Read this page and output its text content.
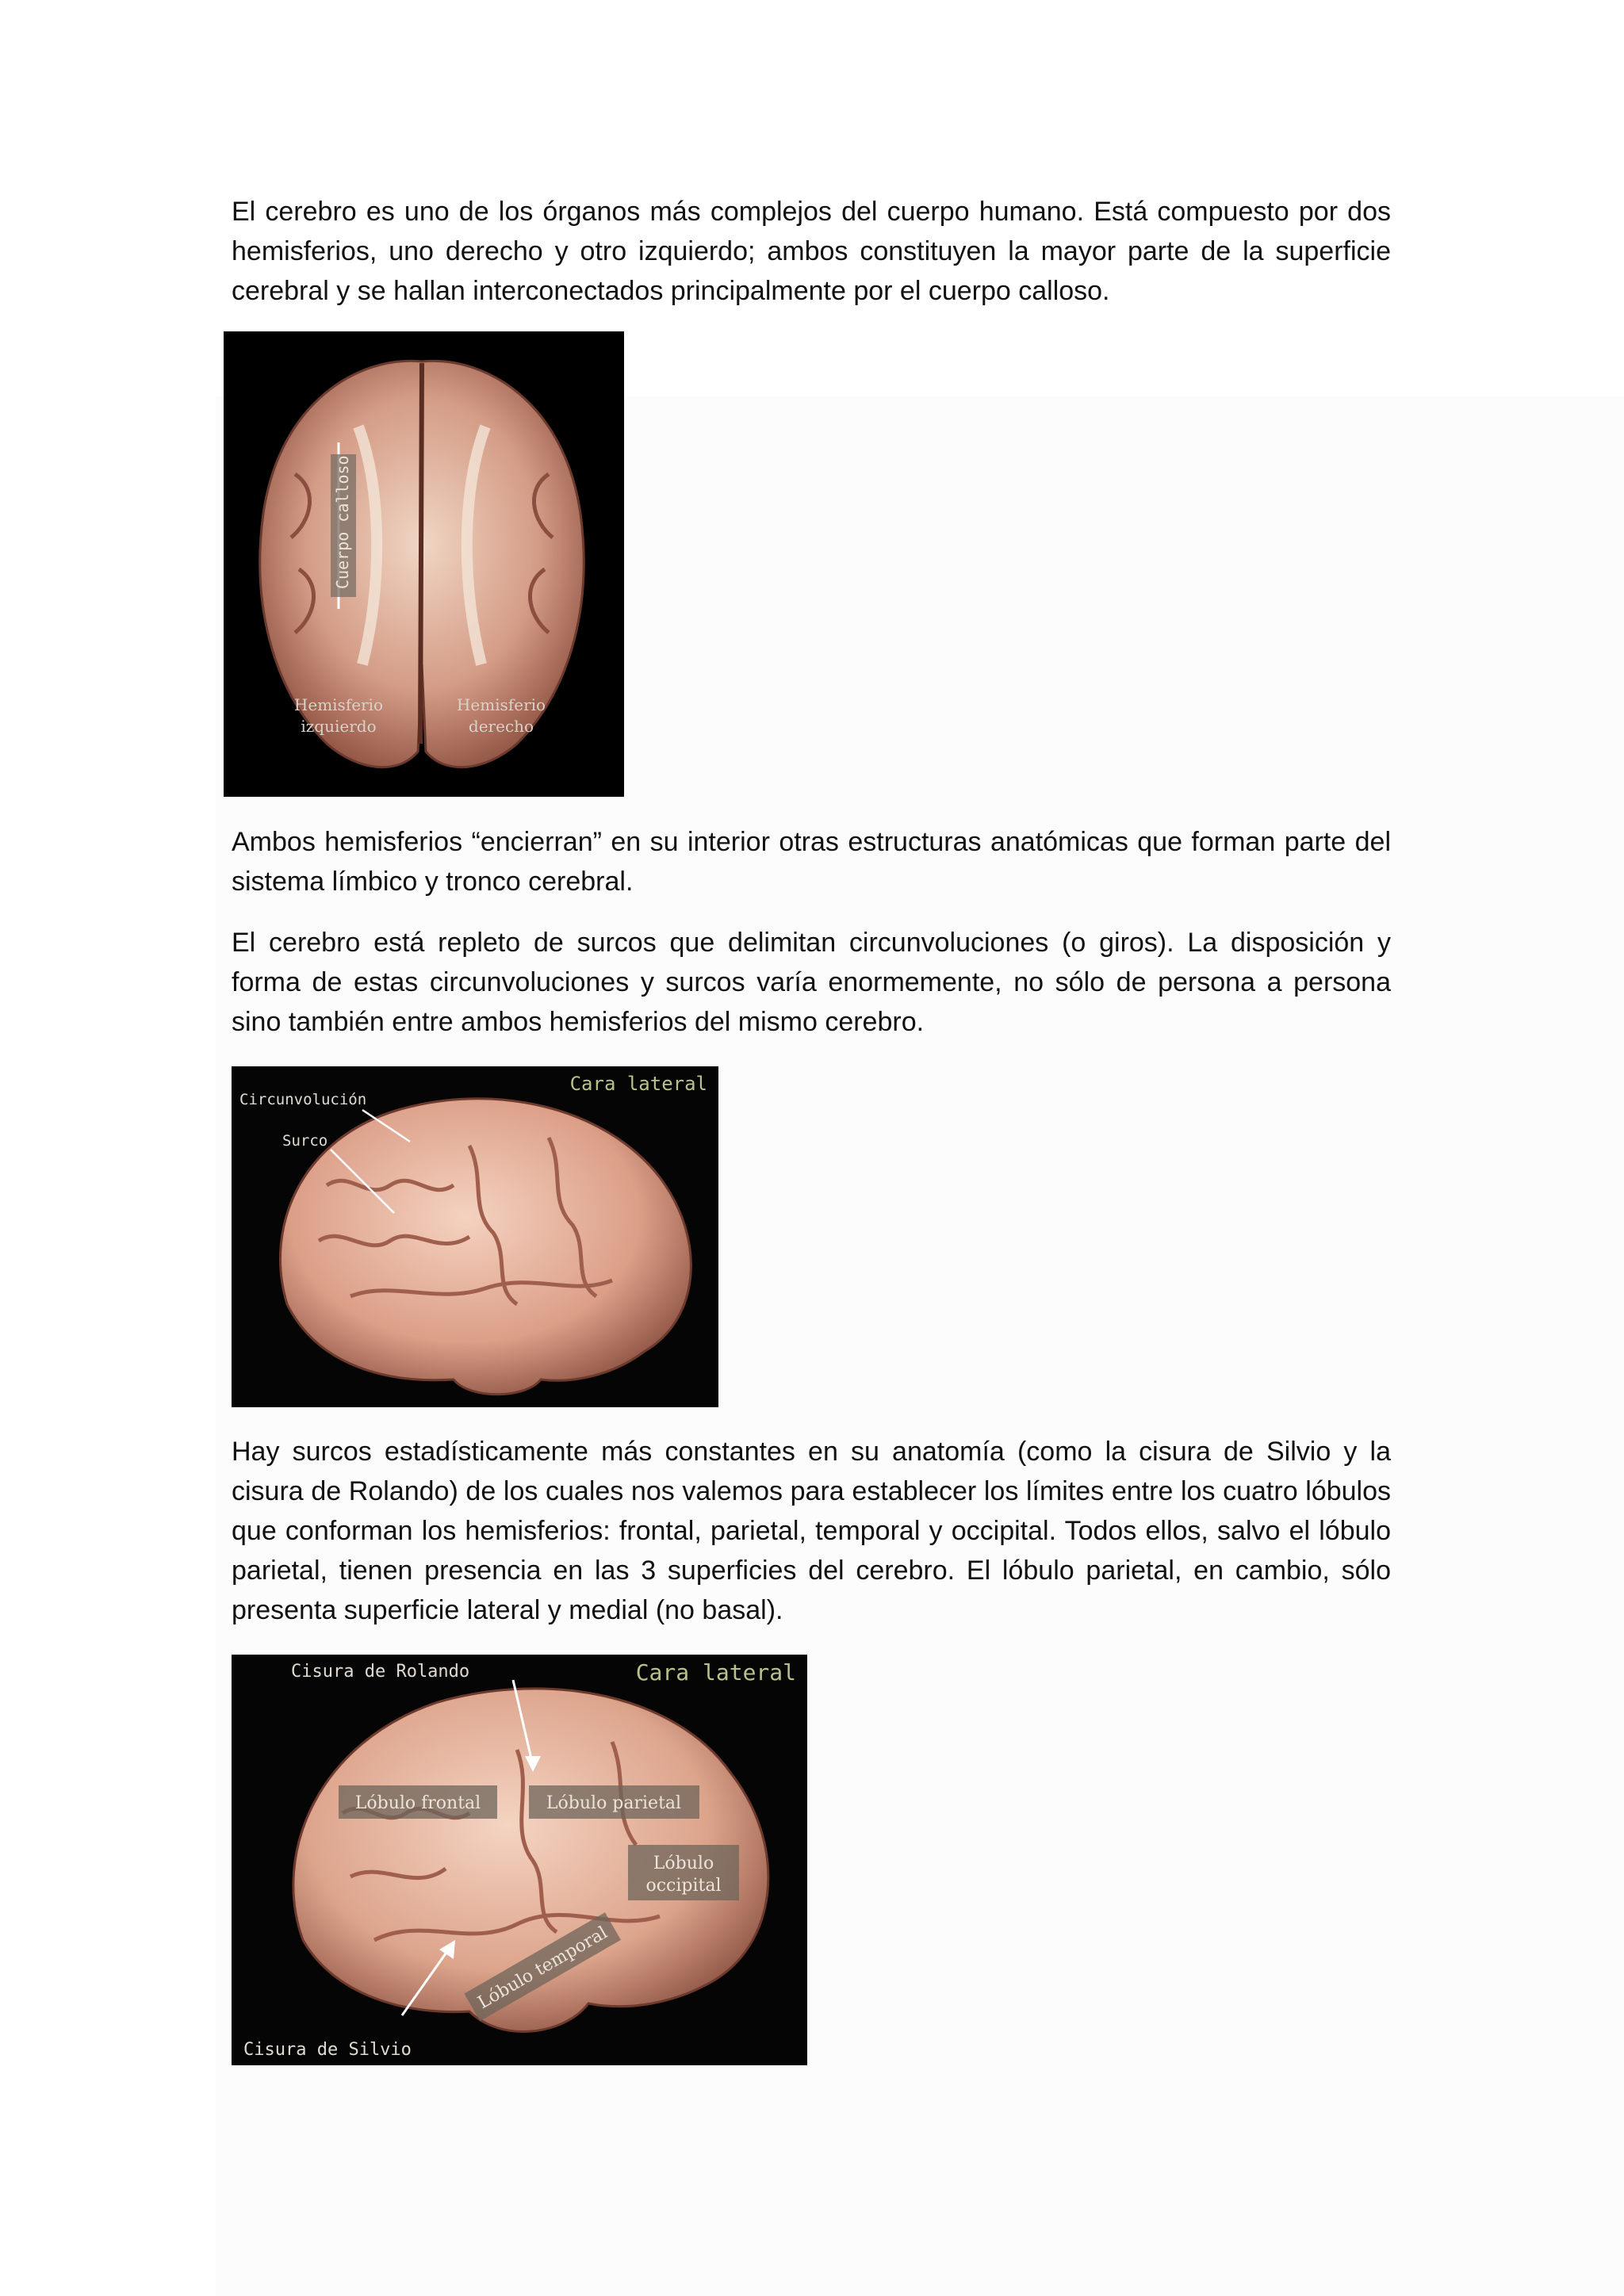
El cerebro es uno de los órganos más complejos del cuerpo humano. Está compuesto por dos hemisferios, uno derecho y otro izquierdo; ambos constituyen la mayor parte de la superficie cerebral y se hallan interconectados principalmente por el cuerpo calloso.

Cuerpo calloso
Hemisferio
izquierdo
Hemisferio
derecho

Ambos hemisferios “encierran” en su interior otras estructuras anatómicas que forman parte del sistema límbico y tronco cerebral.

El cerebro está repleto de surcos que delimitan circunvoluciones (o giros). La disposición y forma de estas circunvoluciones y surcos varía enormemente, no sólo de persona a persona sino también entre ambos hemisferios del mismo cerebro.

Circunvolución
Surco
Cara lateral

Hay surcos estadísticamente más constantes en su anatomía (como la cisura de Silvio y la cisura de Rolando) de los cuales nos valemos para establecer los límites entre los cuatro lóbulos que conforman los hemisferios: frontal, parietal, temporal y occipital. Todos ellos, salvo el lóbulo parietal, tienen presencia en las 3 superficies del cerebro. El lóbulo parietal, en cambio, sólo presenta superficie lateral y medial (no basal).

Cisura de Rolando	Cara lateral
Lóbulo frontal	Lóbulo parietal
Lóbulo
occipital
Lóbulo temporal
Cisura de Silvio
